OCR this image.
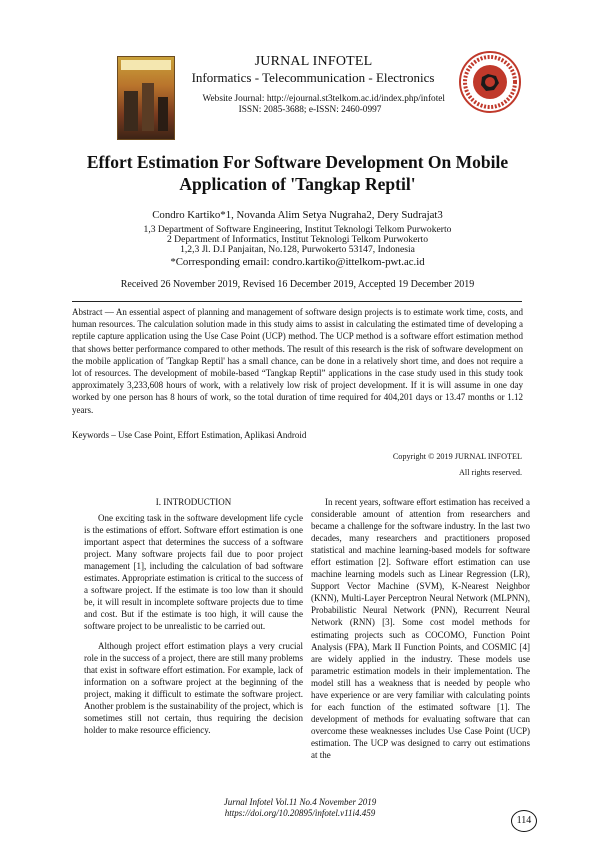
JURNAL INFOTEL
Informatics - Telecommunication - Electronics
Website Journal: http://ejournal.st3telkom.ac.id/index.php/infotel
ISSN: 2085-3688; e-ISSN: 2460-0997
Effort Estimation For Software Development On Mobile
Application of 'Tangkap Reptil'
Condro Kartiko*1, Novanda Alim Setya Nugraha2, Dery Sudrajat3
1,3 Department of Software Engineering, Institut Teknologi Telkom Purwokerto
2 Department of Informatics, Institut Teknologi Telkom Purwokerto
1,2,3 Jl. D.I Panjaitan, No.128, Purwokerto 53147, Indonesia
*Corresponding email: condro.kartiko@ittelkom-pwt.ac.id
Received 26 November 2019, Revised 16 December 2019, Accepted 19 December 2019
Abstract — An essential aspect of planning and management of software design projects is to estimate work time, costs, and human resources. The calculation solution made in this study aims to assist in calculating the estimated time of developing a reptile capture application using the Use Case Point (UCP) method. The UCP method is a software effort estimation method that shows better performance compared to other methods. The result of this research is the risk of software development on the mobile application of 'Tangkap Reptil' has a small chance, can be done in a relatively short time, and does not require a lot of resources. The development of mobile-based “Tangkap Reptil” applications in the case study used in this study took approximately 3,233,608 hours of work, with a relatively low risk of project development. If it is will assume in one day worked by one person has 8 hours of work, so the total duration of time required for 404,201 days or 13.47 months or 1.12 years.
Keywords – Use Case Point, Effort Estimation, Aplikasi Android
Copyright © 2019 JURNAL INFOTEL
All rights reserved.

I. INTRODUCTION

One exciting task in the software development life cycle is the estimations of effort. Software effort estimation is one important aspect that determines the success of a software project. Many software projects fail due to poor project management [1], including the calculation of bad software estimates. Appropriate estimation is critical to the success of a software project. If the estimate is too low than it should be, it will result in incomplete software projects due to time and cost. But if the estimate is too high, it will cause the software project to be unrealistic to be carried out.

Although project effort estimation plays a very crucial role in the success of a project, there are still many problems that exist in software effort estimation. For example, lack of information on a software project at the beginning of the project, making it difficult to estimate the software project. Another problem is the sustainability of the project, which is sometimes still not certain, thus requiring the decision holder to make resource efficiency.

In recent years, software effort estimation has received a considerable amount of attention from researchers and became a challenge for the software industry. In the last two decades, many researchers and practitioners proposed statistical and machine learning-based models for software effort estimation [2]. Software effort estimation can use machine learning models such as Linear Regression (LR), Support Vector Machine (SVM), K-Nearest Neighbor (KNN), Multi-Layer Perceptron Neural Network (MLPNN), Probabilistic Neural Network (PNN), Recurrent Neural Network (RNN) [3]. Some cost model methods for estimating projects such as COCOMO, Function Point Analysis (FPA), Mark II Function Points, and COSMIC [4] are widely applied in the industry. These models use parametric estimation models in their implementation. The model still has a weakness that is needed by people who have experience or are very familiar with calculating points for each function of the estimated software [1]. The development of methods for evaluating software that can overcome these weaknesses includes Use Case Point (UCP) estimation. The UCP was designed to carry out estimations at the

Jurnal Infotel Vol.11 No.4 November 2019
https://doi.org/10.20895/infotel.v11i4.459
114
